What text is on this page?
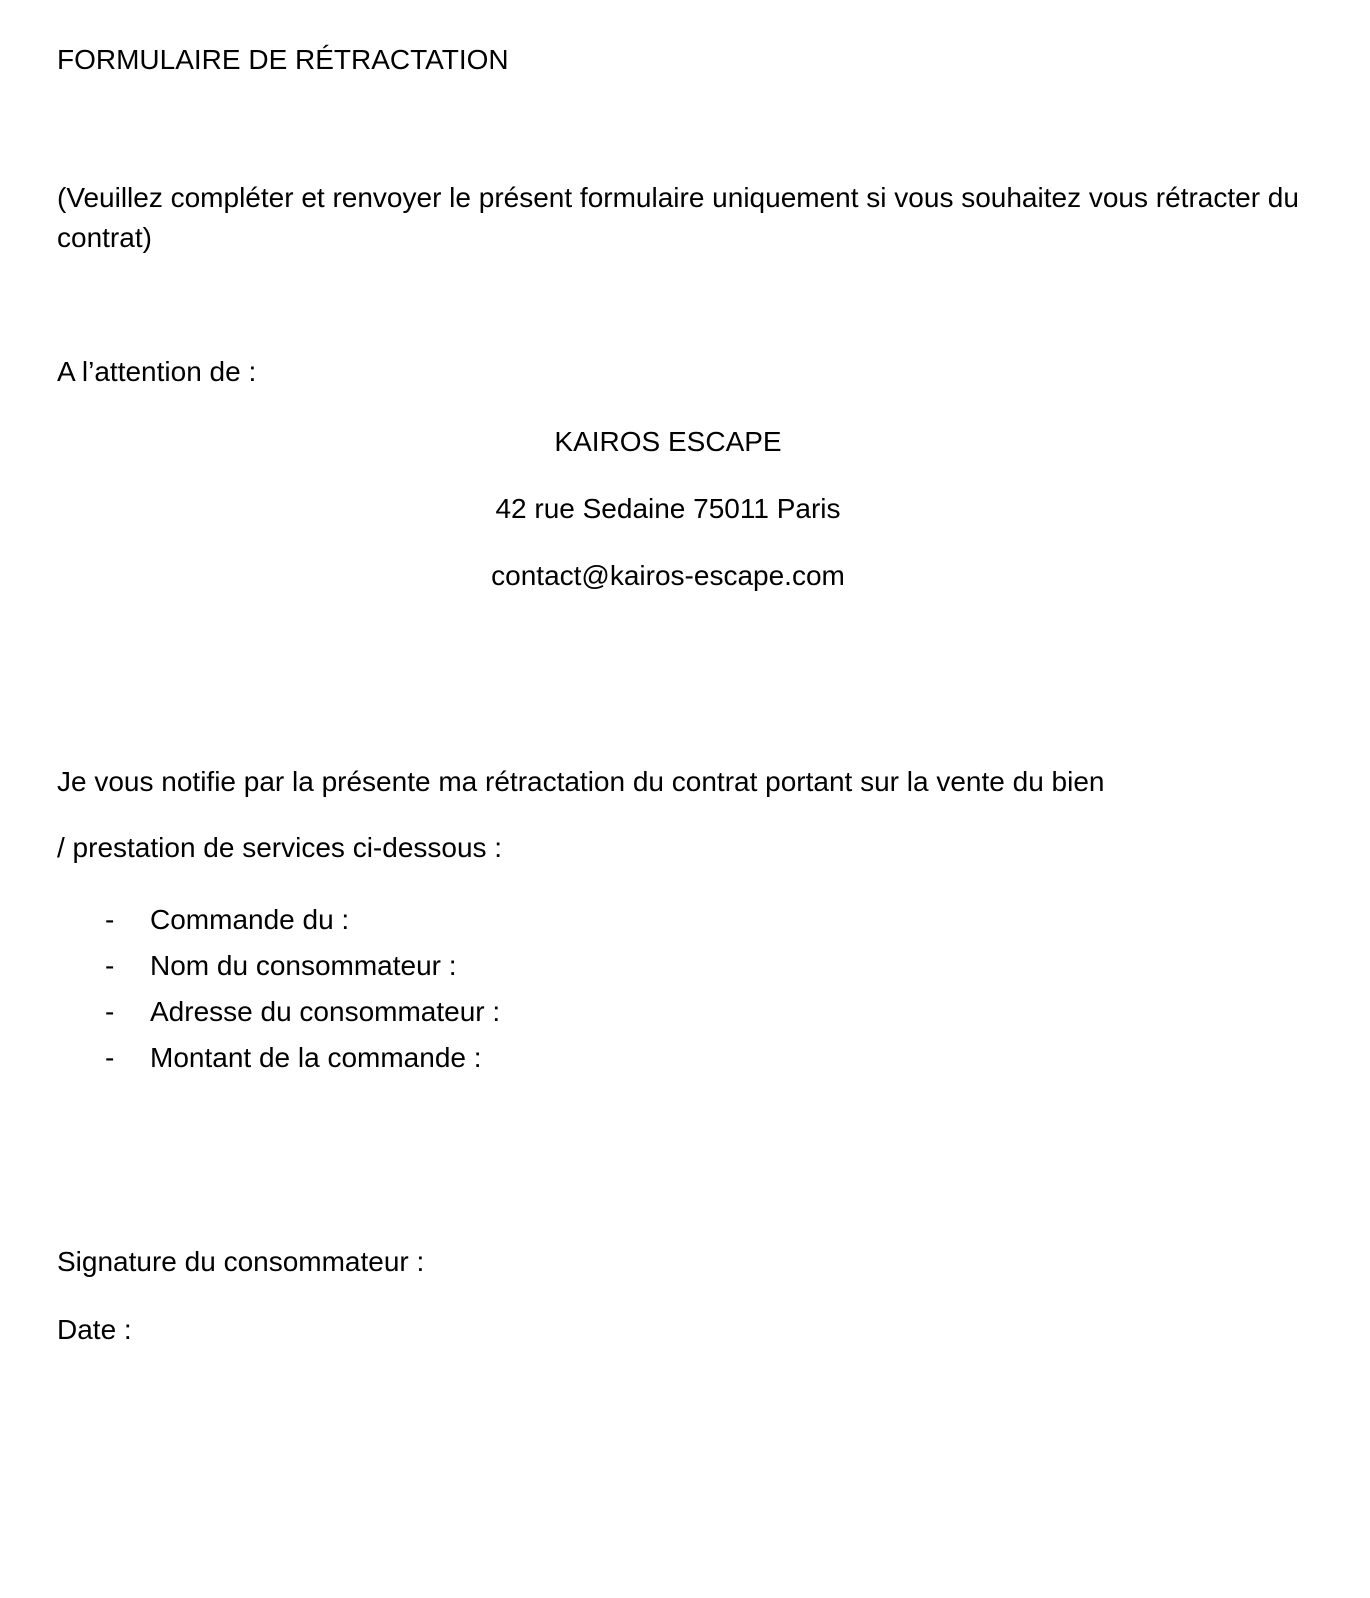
FORMULAIRE DE RÉTRACTATION

(Veuillez compléter et renvoyer le présent formulaire uniquement si vous souhaitez vous rétracter du contrat)

A l’attention de :

KAIROS ESCAPE

42 rue Sedaine 75011 Paris

contact@kairos-escape.com

Je vous notifie par la présente ma rétractation du contrat portant sur la vente du bien

/ prestation de services ci-dessous :

-	Commande du :
-	Nom du consommateur :
-	Adresse du consommateur :
-	Montant de la commande :

Signature du consommateur :

Date :
